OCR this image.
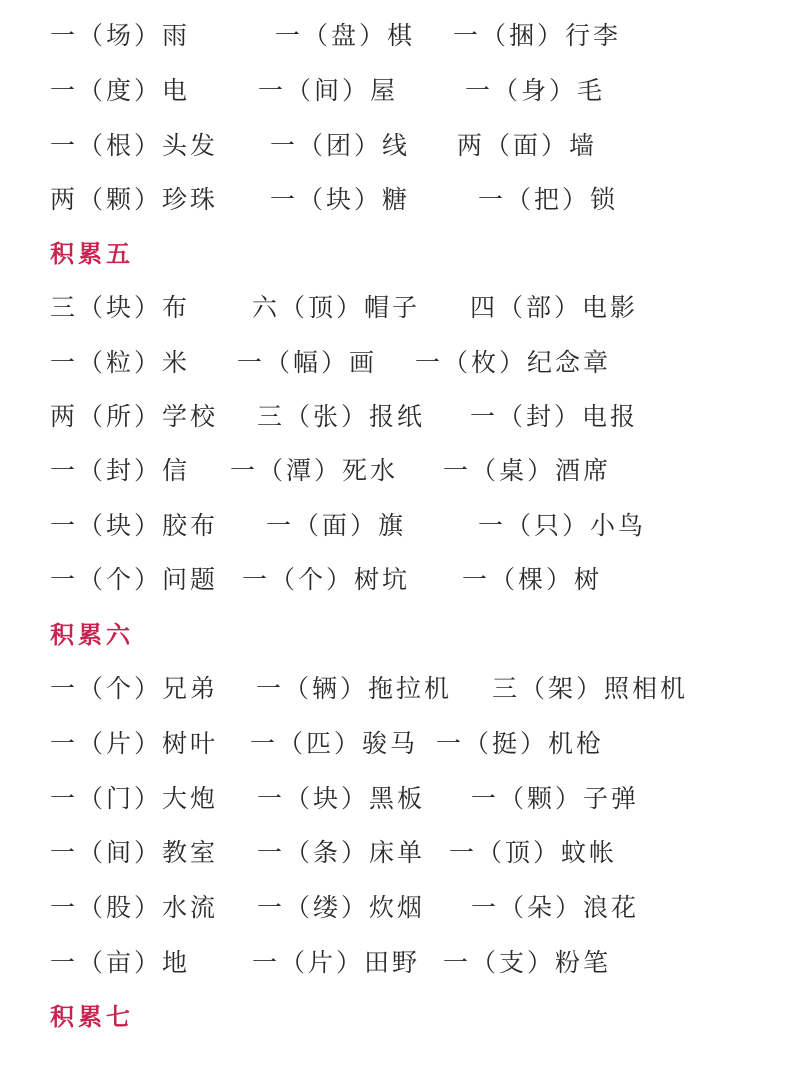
一（场）雨	一（盘）棋 一（捆）行李
一（度）电	一（间）屋	一（身）毛
一（根）头发 一（团）线 两（面）墙
两（颗）珍珠 一（块）糖	一（把）锁
积累五
三（块）布 六（顶）帽子 四（部）电影
一（粒）米 一（幅）画 一（枚）纪念章
两（所）学校 三（张）报纸 一（封）电报
一（封）信 一（潭）死水 一（桌）酒席
一（块）胶布 一（面）旗	一（只）小鸟
一（个）问题 一（个）树坑 一（棵）树
积累六
一（个）兄弟 一（辆）拖拉机 三（架）照相机
一（片）树叶 一（匹）骏马 一（挺）机枪
一（门）大炮 一（块）黑板 一（颗）子弹
一（间）教室 一（条）床单 一（顶）蚊帐
一（股）水流 一（缕）炊烟 一（朵）浪花
一（亩）地 一（片）田野 一（支）粉笔
积累七
